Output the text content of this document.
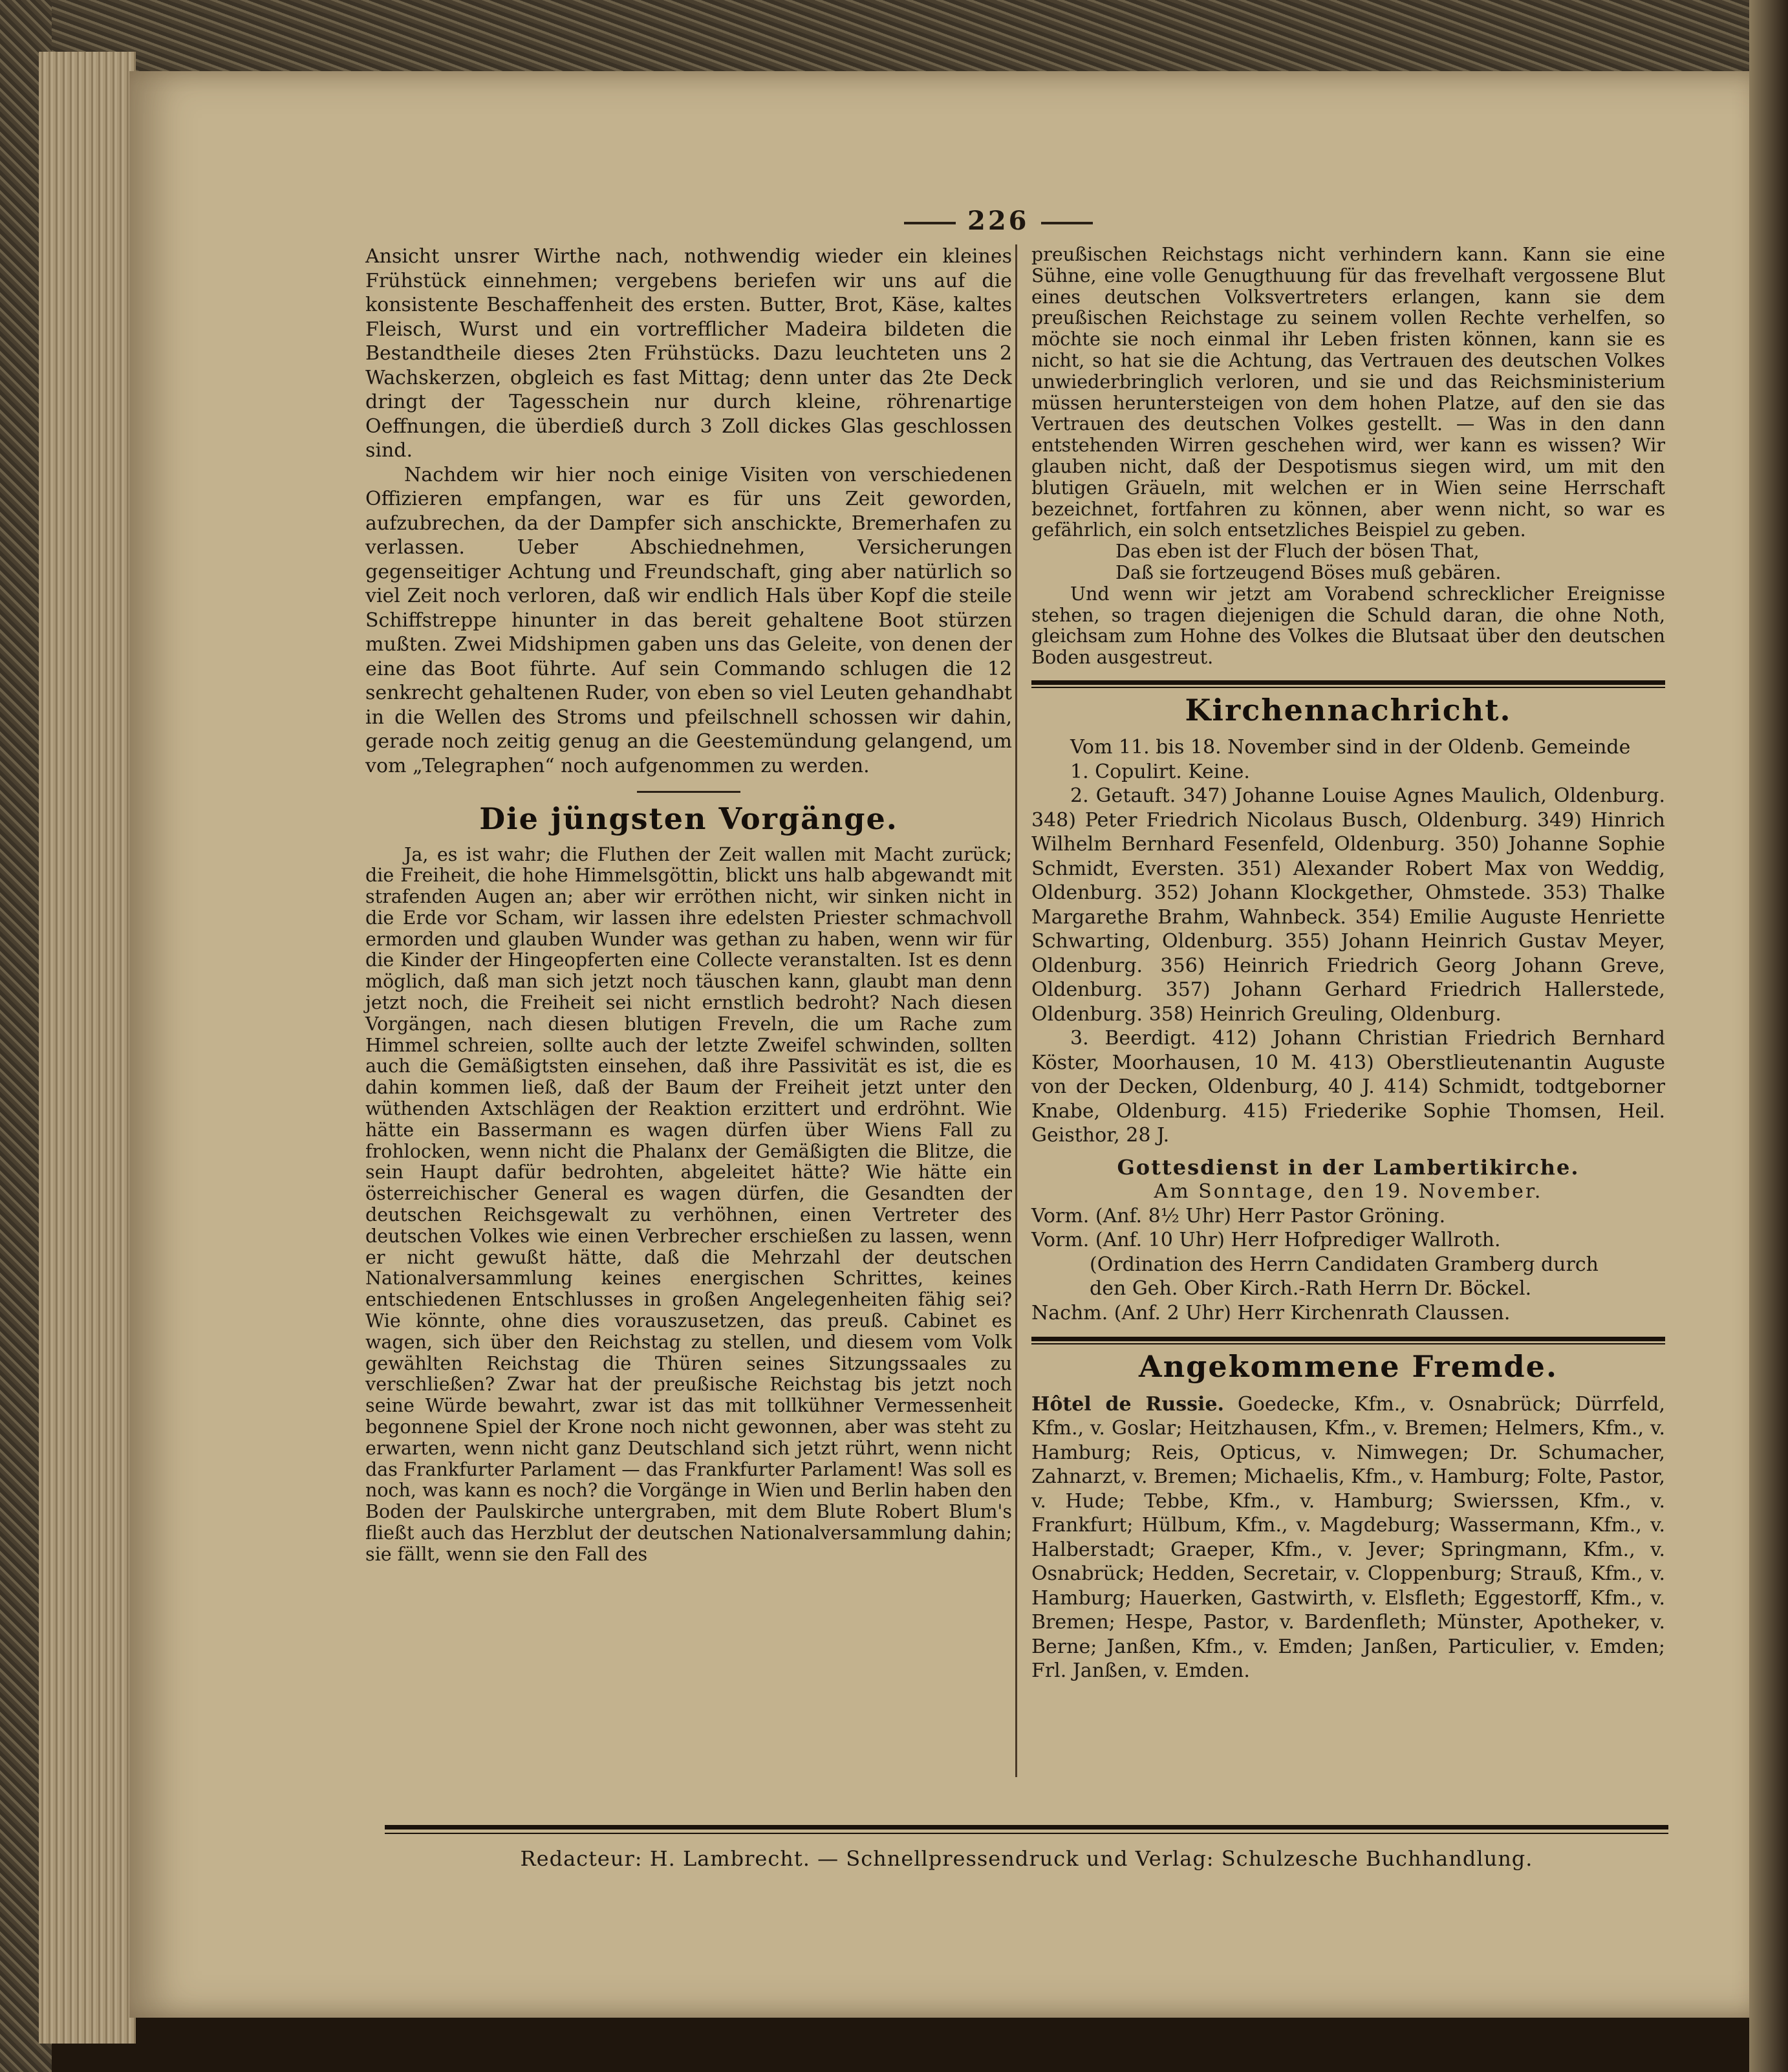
226

Ansicht unsrer Wirthe nach, nothwendig wieder ein kleines Frühstück einnehmen; vergebens beriefen wir uns auf die konsistente Beschaffenheit des ersten. Butter, Brot, Käse, kaltes Fleisch, Wurst und ein vortrefflicher Madeira bildeten die Bestandtheile dieses 2ten Frühstücks. Dazu leuchteten uns 2 Wachskerzen, obgleich es fast Mittag; denn unter das 2te Deck dringt der Tagesschein nur durch kleine, röhrenartige Oeffnungen, die überdieß durch 3 Zoll dickes Glas geschlossen sind.

Nachdem wir hier noch einige Visiten von verschiedenen Offizieren empfangen, war es für uns Zeit geworden, aufzubrechen, da der Dampfer sich anschickte, Bremerhafen zu verlassen. Ueber Abschiednehmen, Versicherungen gegenseitiger Achtung und Freundschaft, ging aber natürlich so viel Zeit noch verloren, daß wir endlich Hals über Kopf die steile Schiffstreppe hinunter in das bereit gehaltene Boot stürzen mußten. Zwei Midshipmen gaben uns das Geleite, von denen der eine das Boot führte. Auf sein Commando schlugen die 12 senkrecht gehaltenen Ruder, von eben so viel Leuten gehandhabt in die Wellen des Stroms und pfeilschnell schossen wir dahin, gerade noch zeitig genug an die Geestemündung gelangend, um vom „Telegraphen“ noch aufgenommen zu werden.

Die jüngsten Vorgänge.

Ja, es ist wahr; die Fluthen der Zeit wallen mit Macht zurück; die Freiheit, die hohe Himmelsgöttin, blickt uns halb abgewandt mit strafenden Augen an; aber wir erröthen nicht, wir sinken nicht in die Erde vor Scham, wir lassen ihre edelsten Priester schmachvoll ermorden und glauben Wunder was gethan zu haben, wenn wir für die Kinder der Hingeopferten eine Collecte veranstalten. Ist es denn möglich, daß man sich jetzt noch täuschen kann, glaubt man denn jetzt noch, die Freiheit sei nicht ernstlich bedroht? Nach diesen Vorgängen, nach diesen blutigen Freveln, die um Rache zum Himmel schreien, sollte auch der letzte Zweifel schwinden, sollten auch die Gemäßigtsten einsehen, daß ihre Passivität es ist, die es dahin kommen ließ, daß der Baum der Freiheit jetzt unter den wüthenden Axtschlägen der Reaktion erzittert und erdröhnt. Wie hätte ein Bassermann es wagen dürfen über Wiens Fall zu frohlocken, wenn nicht die Phalanx der Gemäßigten die Blitze, die sein Haupt dafür bedrohten, abgeleitet hätte? Wie hätte ein österreichischer General es wagen dürfen, die Gesandten der deutschen Reichsgewalt zu verhöhnen, einen Vertreter des deutschen Volkes wie einen Verbrecher erschießen zu lassen, wenn er nicht gewußt hätte, daß die Mehrzahl der deutschen Nationalversammlung keines energischen Schrittes, keines entschiedenen Entschlusses in großen Angelegenheiten fähig sei? Wie könnte, ohne dies vorauszusetzen, das preuß. Cabinet es wagen, sich über den Reichstag zu stellen, und diesem vom Volk gewählten Reichstag die Thüren seines Sitzungssaales zu verschließen? Zwar hat der preußische Reichstag bis jetzt noch seine Würde bewahrt, zwar ist das mit tollkühner Vermessenheit begonnene Spiel der Krone noch nicht gewonnen, aber was steht zu erwarten, wenn nicht ganz Deutschland sich jetzt rührt, wenn nicht das Frankfurter Parlament — das Frankfurter Parlament! Was soll es noch, was kann es noch? die Vorgänge in Wien und Berlin haben den Boden der Paulskirche untergraben, mit dem Blute Robert Blum's fließt auch das Herzblut der deutschen Nationalversammlung dahin; sie fällt, wenn sie den Fall des

preußischen Reichstags nicht verhindern kann. Kann sie eine Sühne, eine volle Genugthuung für das frevelhaft vergossene Blut eines deutschen Volksvertreters erlangen, kann sie dem preußischen Reichstage zu seinem vollen Rechte verhelfen, so möchte sie noch einmal ihr Leben fristen können, kann sie es nicht, so hat sie die Achtung, das Vertrauen des deutschen Volkes unwiederbringlich verloren, und sie und das Reichsministerium müssen heruntersteigen von dem hohen Platze, auf den sie das Vertrauen des deutschen Volkes gestellt. — Was in den dann entstehenden Wirren geschehen wird, wer kann es wissen? Wir glauben nicht, daß der Despotismus siegen wird, um mit den blutigen Gräueln, mit welchen er in Wien seine Herrschaft bezeichnet, fortfahren zu können, aber wenn nicht, so war es gefährlich, ein solch entsetzliches Beispiel zu geben.

Das eben ist der Fluch der bösen That,

Daß sie fortzeugend Böses muß gebären.

Und wenn wir jetzt am Vorabend schrecklicher Ereignisse stehen, so tragen diejenigen die Schuld daran, die ohne Noth, gleichsam zum Hohne des Volkes die Blutsaat über den deutschen Boden ausgestreut.

Kirchennachricht.

Vom 11. bis 18. November sind in der Oldenb. Gemeinde

1. Copulirt. Keine.

2. Getauft. 347) Johanne Louise Agnes Maulich, Oldenburg. 348) Peter Friedrich Nicolaus Busch, Oldenburg. 349) Hinrich Wilhelm Bernhard Fesenfeld, Oldenburg. 350) Johanne Sophie Schmidt, Eversten. 351) Alexander Robert Max von Weddig, Oldenburg. 352) Johann Klockgether, Ohmstede. 353) Thalke Margarethe Brahm, Wahnbeck. 354) Emilie Auguste Henriette Schwarting, Oldenburg. 355) Johann Heinrich Gustav Meyer, Oldenburg. 356) Heinrich Friedrich Georg Johann Greve, Oldenburg. 357) Johann Gerhard Friedrich Hallerstede, Oldenburg. 358) Heinrich Greuling, Oldenburg.

3. Beerdigt. 412) Johann Christian Friedrich Bernhard Köster, Moorhausen, 10 M. 413) Oberstlieutenantin Auguste von der Decken, Oldenburg, 40 J. 414) Schmidt, todtgeborner Knabe, Oldenburg. 415) Friederike Sophie Thomsen, Heil. Geisthor, 28 J.

Gottesdienst in der Lambertikirche.
Am Sonntage, den 19. November.

Vorm. (Anf. 8½ Uhr) Herr Pastor Gröning.

Vorm. (Anf. 10 Uhr) Herr Hofprediger Wallroth.

(Ordination des Herrn Candidaten Gramberg durch

den Geh. Ober Kirch.-Rath Herrn Dr. Böckel.

Nachm. (Anf. 2 Uhr) Herr Kirchenrath Claussen.

Angekommene Fremde.

Hôtel de Russie. Goedecke, Kfm., v. Osnabrück; Dürrfeld, Kfm., v. Goslar; Heitzhausen, Kfm., v. Bremen; Helmers, Kfm., v. Hamburg; Reis, Opticus, v. Nimwegen; Dr. Schumacher, Zahnarzt, v. Bremen; Michaelis, Kfm., v. Hamburg; Folte, Pastor, v. Hude; Tebbe, Kfm., v. Hamburg; Swierssen, Kfm., v. Frankfurt; Hülbum, Kfm., v. Magdeburg; Wassermann, Kfm., v. Halberstadt; Graeper, Kfm., v. Jever; Springmann, Kfm., v. Osnabrück; Hedden, Secretair, v. Cloppenburg; Strauß, Kfm., v. Hamburg; Hauerken, Gastwirth, v. Elsfleth; Eggestorff, Kfm., v. Bremen; Hespe, Pastor, v. Bardenfleth; Münster, Apotheker, v. Berne; Janßen, Kfm., v. Emden; Janßen, Particulier, v. Emden; Frl. Janßen, v. Emden.

Redacteur: H. Lambrecht. — Schnellpressendruck und Verlag: Schulzesche Buchhandlung.
